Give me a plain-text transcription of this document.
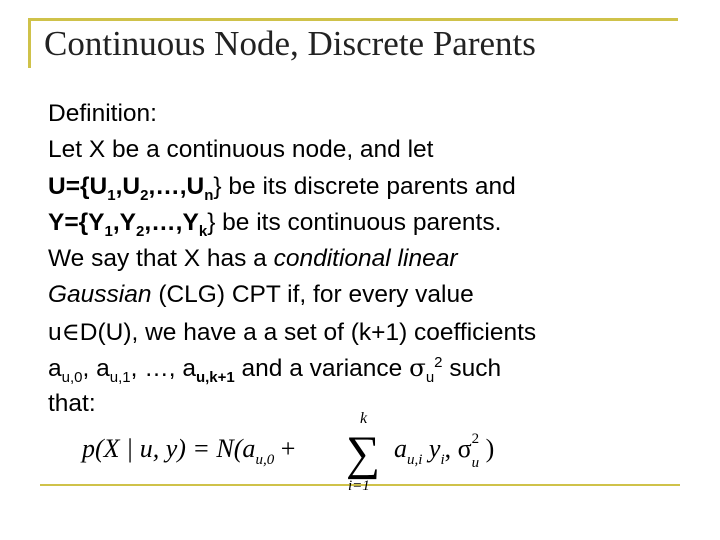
Continuous Node, Discrete Parents
Definition:
Let X be a continuous node, and let
$U=\{U_1,U_2,\dots,U_n\}$ be its discrete parents and
$Y=\{Y_1,Y_2,\dots,Y_k\}$ be its continuous parents.
We say that X has a conditional linear
Gaussian (CLG) CPT if, for every value
u∈D(U), we have a a set of (k+1) coefficients
$a_{u,0}$, $a_{u,1}$, …, $a_{u,k+1}$ and a variance $\sigma_u^2$ such
that:
p(X | u, $y) = N(a_{u,0}$ +
k
∑
i=1
$a_{u,i}$ $y_i$, σ 2
u )
